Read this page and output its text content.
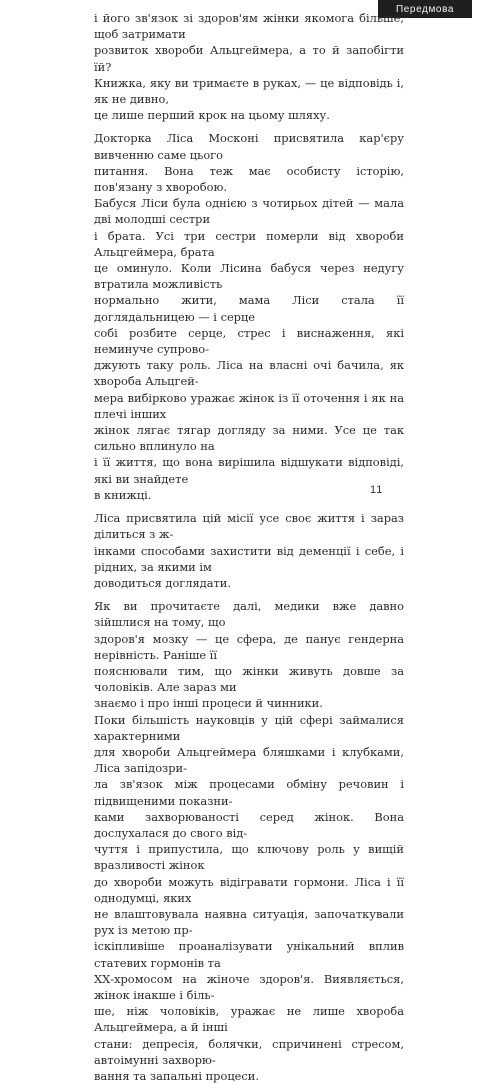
Передмова

і його зв'язок зі здоров'ям жінки якомога більше, щоб затримати
розвиток хвороби Альцгеймера, а то й запобігти їй?

Книжка, яку ви тримаєте в руках, — це відповідь і, як не дивно,
це лише перший крок на цьому шляху.

Докторка Ліса Москоні присвятила кар'єру вивченню саме цього
питання. Вона теж має особисту історію, пов'язану з хворобою.
Бабуся Ліси була однією з чотирьох дітей — мала дві молодші сестри
і брата. Усі три сестри померли від хвороби Альцгеймера, брата
це оминуло. Коли Лісина бабуся через недугу втратила можливість
нормально жити, мама Ліси стала її доглядальницею — і серце
собі розбите серце, стрес і виснаження, які неминуче супрово-
джують таку роль. Ліса на власні очі бачила, як хвороба Альцгей-
мера вибірково уражає жінок із її оточення і як на плечі інших
жінок лягає тягар догляду за ними. Усе це так сильно вплинуло на
і її життя, що вона вирішила відшукати відповіді, які ви знайдете
в книжці.

Ліса присвятила цій місії усе своє життя і зараз ділиться з ж-
інками способами захистити від деменції і себе, і рідних, за якими ім
доводиться доглядати.

Як ви прочитаєте далі, медики вже давно зійшлися на тому, що
здоров'я мозку — це сфера, де панує гендерна нерівність. Раніше її
пояснювали тим, що жінки живуть довше за чоловіків. Але зараз ми
знаємо і про інші процеси й чинники.

Поки більшість науковців у цій сфері займалися характерними
для хвороби Альцгеймера бляшками і клубками, Ліса запідозри-
ла зв'язок між процесами обміну речовин і підвищеними показни-
ками захворюваності серед жінок. Вона дослухалася до свого від-
чуття і припустила, що ключову роль у вищій вразливості жінок
до хвороби можуть відігравати гормони. Ліса і її однодумці, яких
не влаштовувала наявна ситуація, започаткували рух із метою пр-
іскіпливіше проаналізувати унікальний вплив статевих гормонів та
ХХ-хромосом на жіноче здоров'я. Виявляється, жінок інакше і біль-
ше, ніж чоловіків, уражає не лише хвороба Альцгеймера, а й інші
стани: депресія, болячки, спричинені стресом, автоімунні захворю-
вання та запальні процеси.

11
